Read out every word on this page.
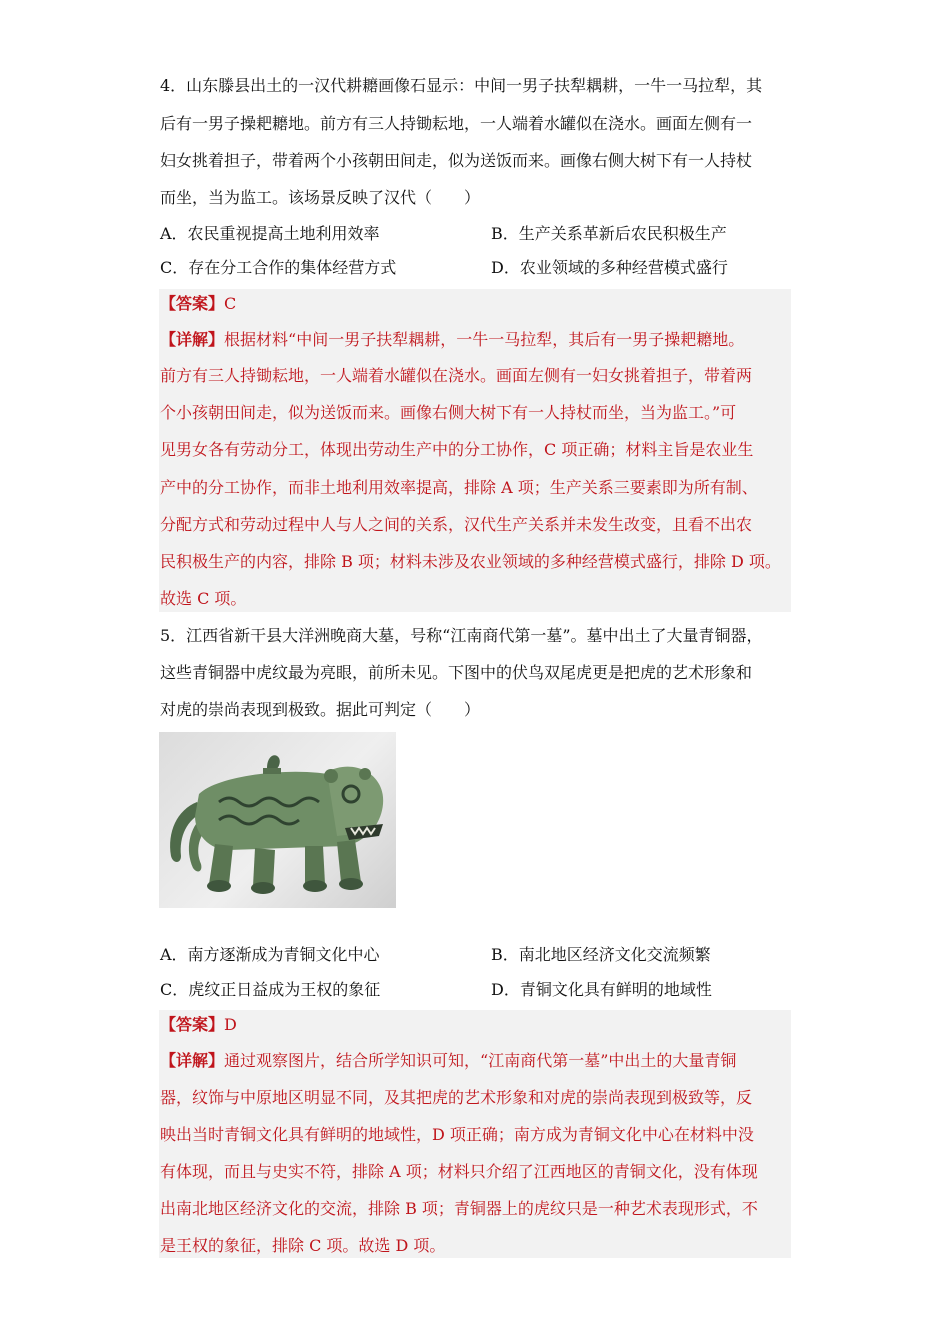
4．山东滕县出土的一汉代耕耱画像石显示：中间一男子扶犁耦耕，一牛一马拉犁，其
后有一男子操耙耱地。前方有三人持锄耘地，一人端着水罐似在浇水。画面左侧有一
妇女挑着担子，带着两个小孩朝田间走，似为送饭而来。画像右侧大树下有一人持杖
而坐，当为监工。该场景反映了汉代（　　）
A．农民重视提高土地利用效率	B．生产关系革新后农民积极生产
C．存在分工合作的集体经营方式	D．农业领域的多种经营模式盛行
【答案】C
【详解】根据材料“中间一男子扶犁耦耕，一牛一马拉犁，其后有一男子操耙耱地。
前方有三人持锄耘地，一人端着水罐似在浇水。画面左侧有一妇女挑着担子，带着两
个小孩朝田间走，似为送饭而来。画像右侧大树下有一人持杖而坐，当为监工。”可
见男女各有劳动分工，体现出劳动生产中的分工协作，C 项正确；材料主旨是农业生
产中的分工协作，而非土地利用效率提高，排除 A 项；生产关系三要素即为所有制、
分配方式和劳动过程中人与人之间的关系，汉代生产关系并未发生改变，且看不出农
民积极生产的内容，排除 B 项；材料未涉及农业领域的多种经营模式盛行，排除 D 项。
故选 C 项。
5．江西省新干县大洋洲晚商大墓，号称“江南商代第一墓”。墓中出土了大量青铜器，
这些青铜器中虎纹最为亮眼，前所未见。下图中的伏鸟双尾虎更是把虎的艺术形象和
对虎的崇尚表现到极致。据此可判定（　　）
A．南方逐渐成为青铜文化中心	B．南北地区经济文化交流频繁
C．虎纹正日益成为王权的象征	D．青铜文化具有鲜明的地域性
【答案】D
【详解】通过观察图片，结合所学知识可知，“江南商代第一墓”中出土的大量青铜
器，纹饰与中原地区明显不同，及其把虎的艺术形象和对虎的崇尚表现到极致等，反
映出当时青铜文化具有鲜明的地域性，D 项正确；南方成为青铜文化中心在材料中没
有体现，而且与史实不符，排除 A 项；材料只介绍了江西地区的青铜文化，没有体现
出南北地区经济文化的交流，排除 B 项；青铜器上的虎纹只是一种艺术表现形式，不
是王权的象征，排除 C 项。故选 D 项。
